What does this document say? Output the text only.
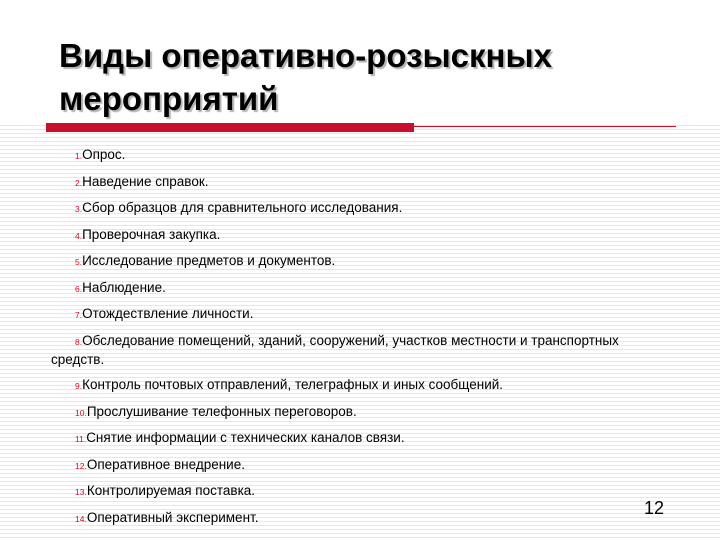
Виды оперативно-розыскных
мероприятий
1.Опрос.
2.Наведение справок.
3.Сбор образцов для сравнительного исследования.
4.Проверочная закупка.
5.Исследование предметов и документов.
6.Наблюдение.
7.Отождествление личности.
8.Обследование помещений, зданий, сооружений, участков местности и транспортных средств.
9.Контроль почтовых отправлений, телеграфных и иных сообщений.
10.Прослушивание телефонных переговоров.
11.Снятие информации с технических каналов связи.
12.Оперативное внедрение.
13.Контролируемая поставка.
14.Оперативный эксперимент.	12
